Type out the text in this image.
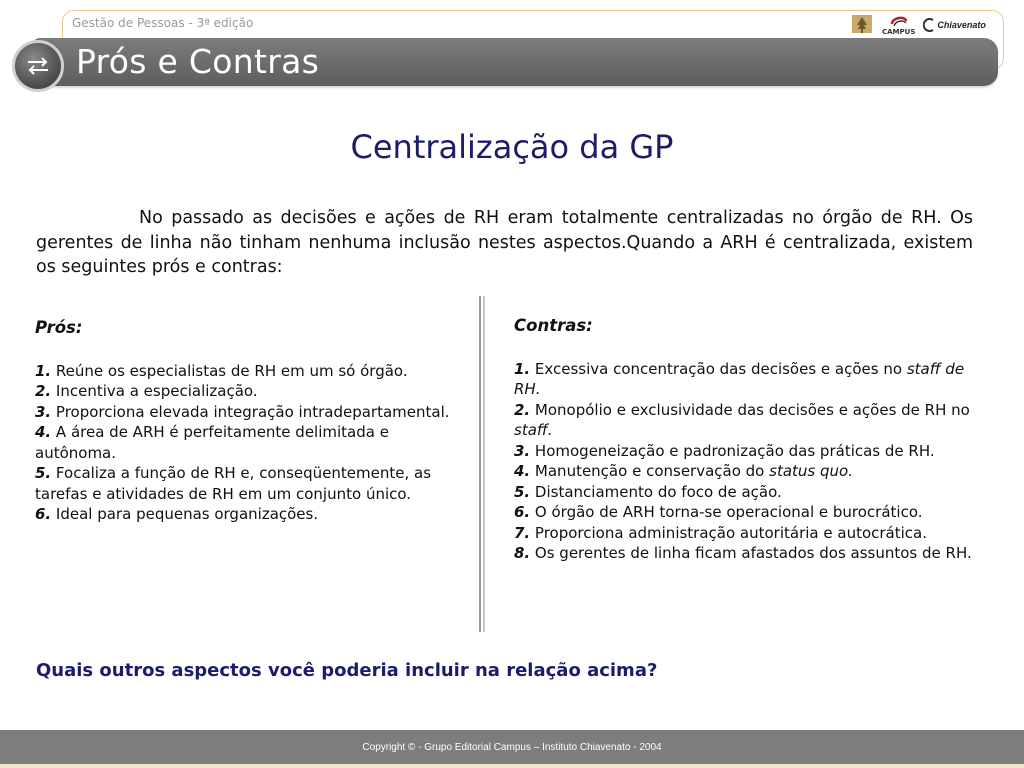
Gestão de Pessoas - 3ª edição
CAMPUS
Chiavenato
Prós e Contras
Centralização da GP
No passado as decisões e ações de RH eram totalmente centralizadas no órgão de RH. Os gerentes de linha não tinham nenhuma inclusão nestes aspectos.Quando a ARH é centralizada, existem os seguintes prós e contras:
Prós:

1. Reúne os especialistas de RH em um só órgão.

2. Incentiva a especialização.

3. Proporciona elevada integração intradepartamental.

4. A área de ARH é perfeitamente delimitada e autônoma.

5. Focaliza a função de RH e, conseqüentemente, as tarefas e atividades de RH em um conjunto único.

6. Ideal para pequenas organizações.

Contras:

1. Excessiva concentração das decisões e ações no staff de RH.

2. Monopólio e exclusividade das decisões e ações de RH no staff.

3. Homogeneização e padronização das práticas de RH.

4. Manutenção e conservação do status quo.

5. Distanciamento do foco de ação.

6. O órgão de ARH torna-se operacional e burocrático.

7. Proporciona administração autoritária e autocrática.

8. Os gerentes de linha ficam afastados dos assuntos de RH.

Quais outros aspectos você poderia incluir na relação acima?
Copyright © - Grupo Editorial Campus – Instituto Chiavenato - 2004
